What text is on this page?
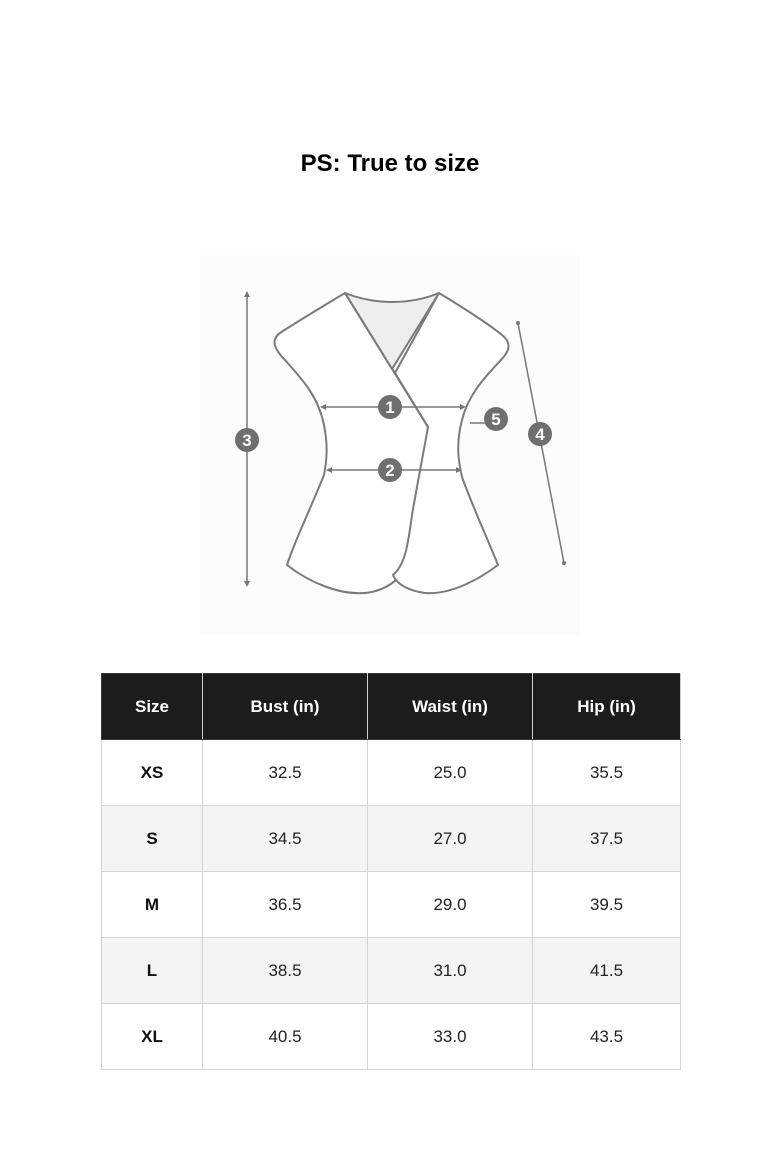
PS: True to size
1
2
3	4
5
Size	Bust (in)	Waist (in)	Hip (in)
XS	32.5	25.0	35.5
S	34.5	27.0	37.5
M	36.5	29.0	39.5
L	38.5	31.0	41.5
XL	40.5	33.0	43.5
